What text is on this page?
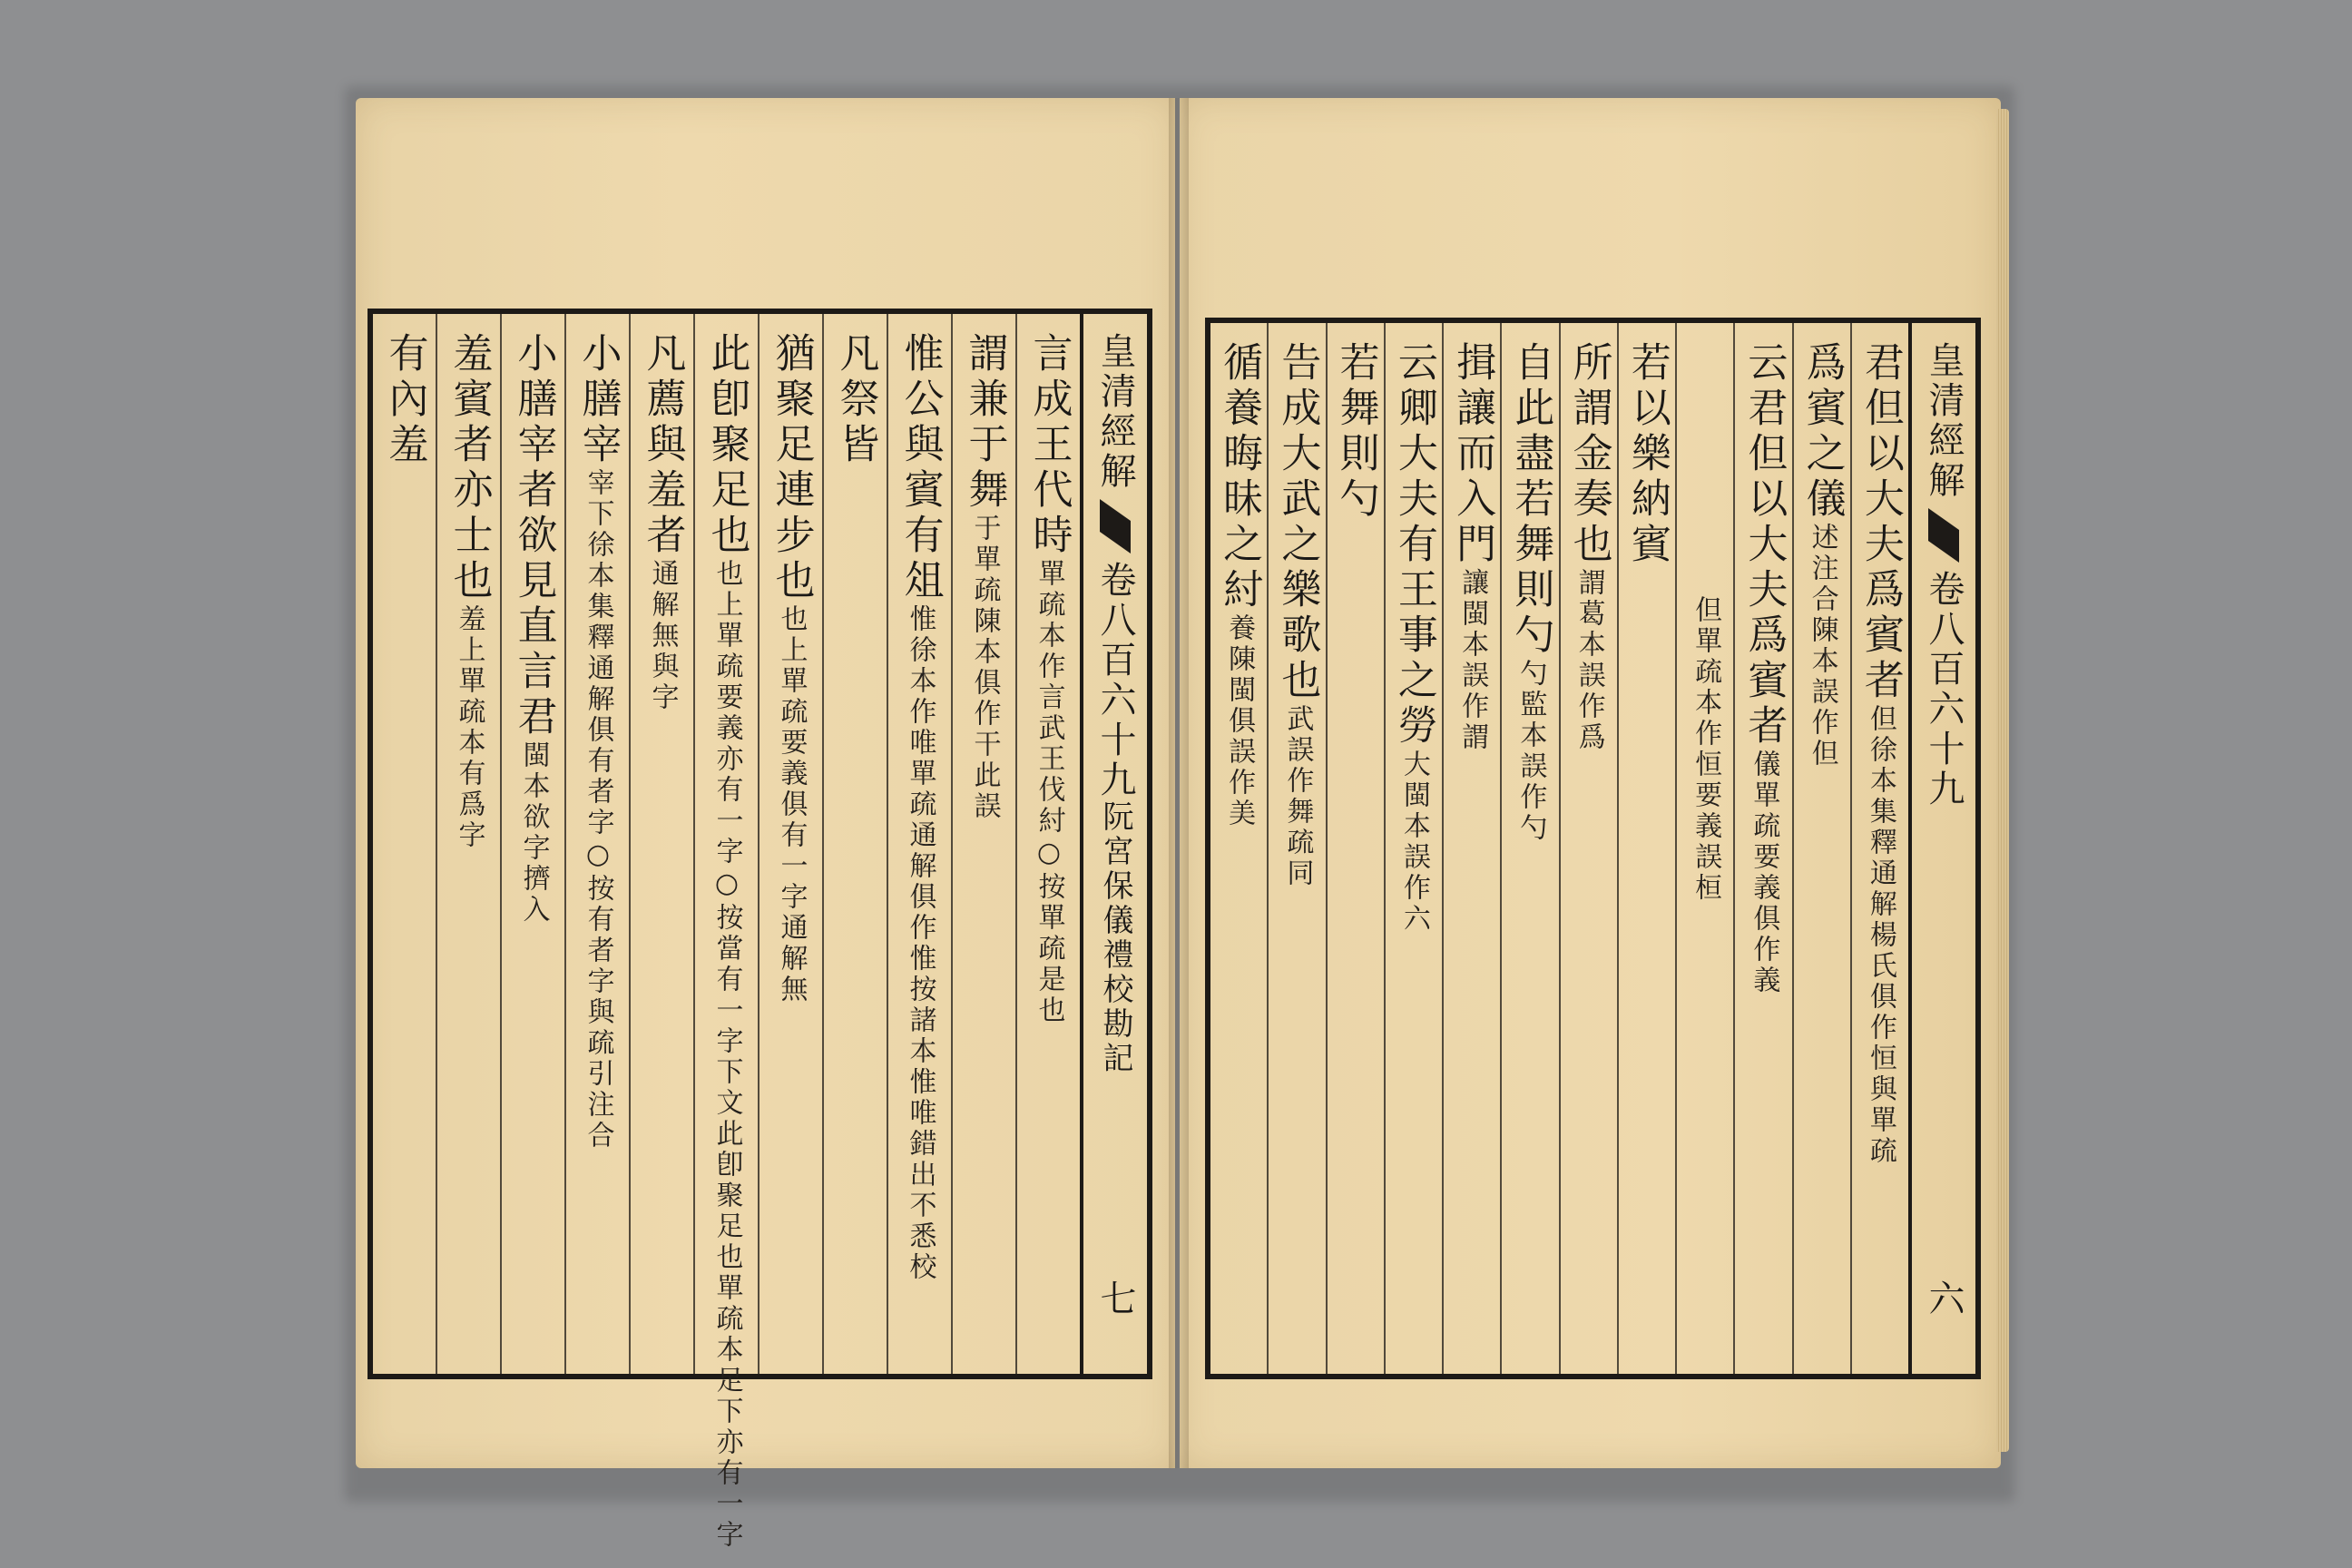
皇清經解卷八百六十九阮宮保儀禮校勘記
七
言成王代時單疏本作言武王伐紂○按單疏是也
謂兼于舞于單疏陳本俱作干此誤
惟公與賓有俎惟徐本作唯單疏通解俱作惟按諸本惟唯錯出不悉校
凡祭皆
猶聚足連步也也上單疏要義俱有一字通解無
此卽聚足也也上單疏要義亦有一字○按當有一字下文此卽聚足也單疏本足下亦有一字
凡薦與羞者通解無與字
小膳宰宰下徐本集釋通解俱有者字○按有者字與疏引注合
小膳宰者欲見直言君閩本欲字擠入
羞賓者亦士也羞上單疏本有爲字
有內羞	皇清經解卷八百六十九
六
君但以大夫爲賓者但徐本集釋通解楊氏俱作恒與單疏
爲賓之儀述注合陳本誤作但
云君但以大夫爲賓者儀單疏要義俱作義
但單疏本作恒要義誤桓
若以樂納賓
所謂金奏也謂葛本誤作爲
自此盡若舞則勺勺監本誤作勺
揖讓而入門讓閩本誤作謂
云卿大夫有王事之勞大閩本誤作六
若舞則勺
告成大武之樂歌也武誤作舞疏同
循養晦昧之紂養陳閩俱誤作美
